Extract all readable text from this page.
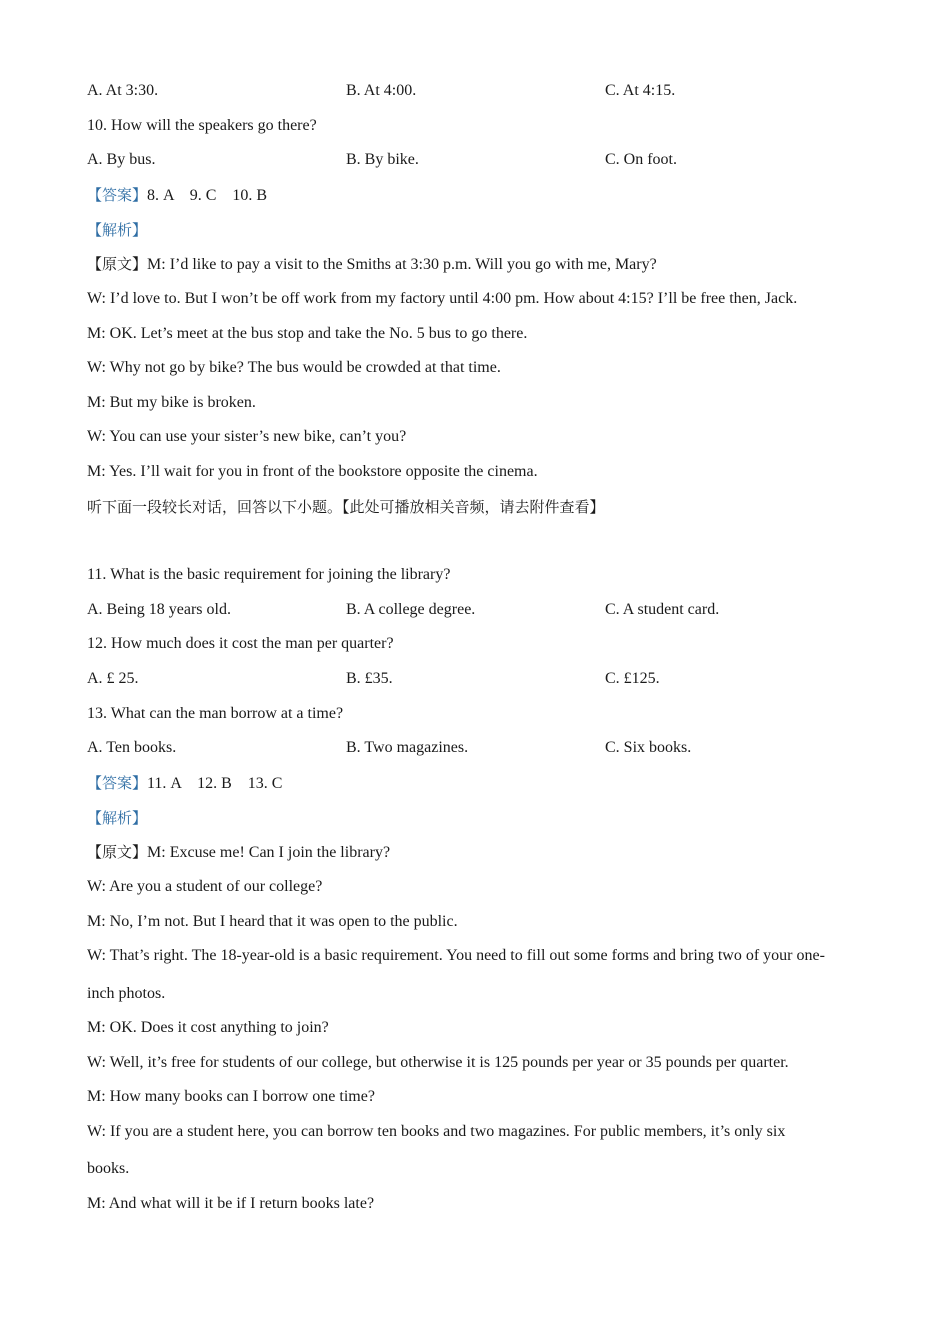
A. At 3:30.	B. At 4:00.	C. At 4:15.
10. How will the speakers go there?
A. By bus.	B. By bike.	C. On foot.
【答案】8. A    9. C    10. B
【解析】
【原文】M: I’d like to pay a visit to the Smiths at 3:30 p.m. Will you go with me, Mary?
W: I’d love to. But I won’t be off work from my factory until 4:00 pm. How about 4:15? I’ll be free then, Jack.
M: OK. Let’s meet at the bus stop and take the No. 5 bus to go there.
W: Why not go by bike? The bus would be crowded at that time.
M: But my bike is broken.
W: You can use your sister’s new bike, can’t you?
M: Yes. I’ll wait for you in front of the bookstore opposite the cinema.
听下面一段较长对话，回答以下小题。【此处可播放相关音频，请去附件查看】
11. What is the basic requirement for joining the library?
A. Being 18 years old.	B. A college degree.	C. A student card.
12. How much does it cost the man per quarter?
A. £ 25.	B. £35.	C. £125.
13. What can the man borrow at a time?
A. Ten books.	B. Two magazines.	C. Six books.
【答案】11. A    12. B    13. C
【解析】
【原文】M: Excuse me! Can I join the library?
W: Are you a student of our college?
M: No, I’m not. But I heard that it was open to the public.
W: That’s right. The 18-year-old is a basic requirement. You need to fill out some forms and bring two of your one-
inch photos.
M: OK. Does it cost anything to join?
W: Well, it’s free for students of our college, but otherwise it is 125 pounds per year or 35 pounds per quarter.
M: How many books can I borrow one time?
W: If you are a student here, you can borrow ten books and two magazines. For public members, it’s only six
books.
M: And what will it be if I return books late?
